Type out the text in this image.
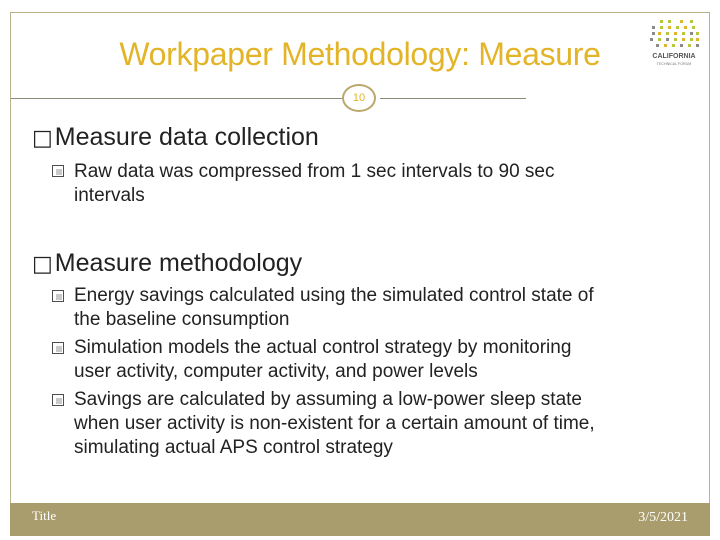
Workpaper Methodology: Measure	CALIFORNIA
TECHNICAL FORUM
10
□Measure data collection
Raw data was compressed from 1 sec intervals to 90 sec
intervals
□Measure methodology
Energy savings calculated using the simulated control state of
the baseline consumption
Simulation models the actual control strategy by monitoring
user activity, computer activity, and power levels
Savings are calculated by assuming a low-power sleep state
when user activity is non-existent for a certain amount of time,
simulating actual APS control strategy
Title	3/5/2021
